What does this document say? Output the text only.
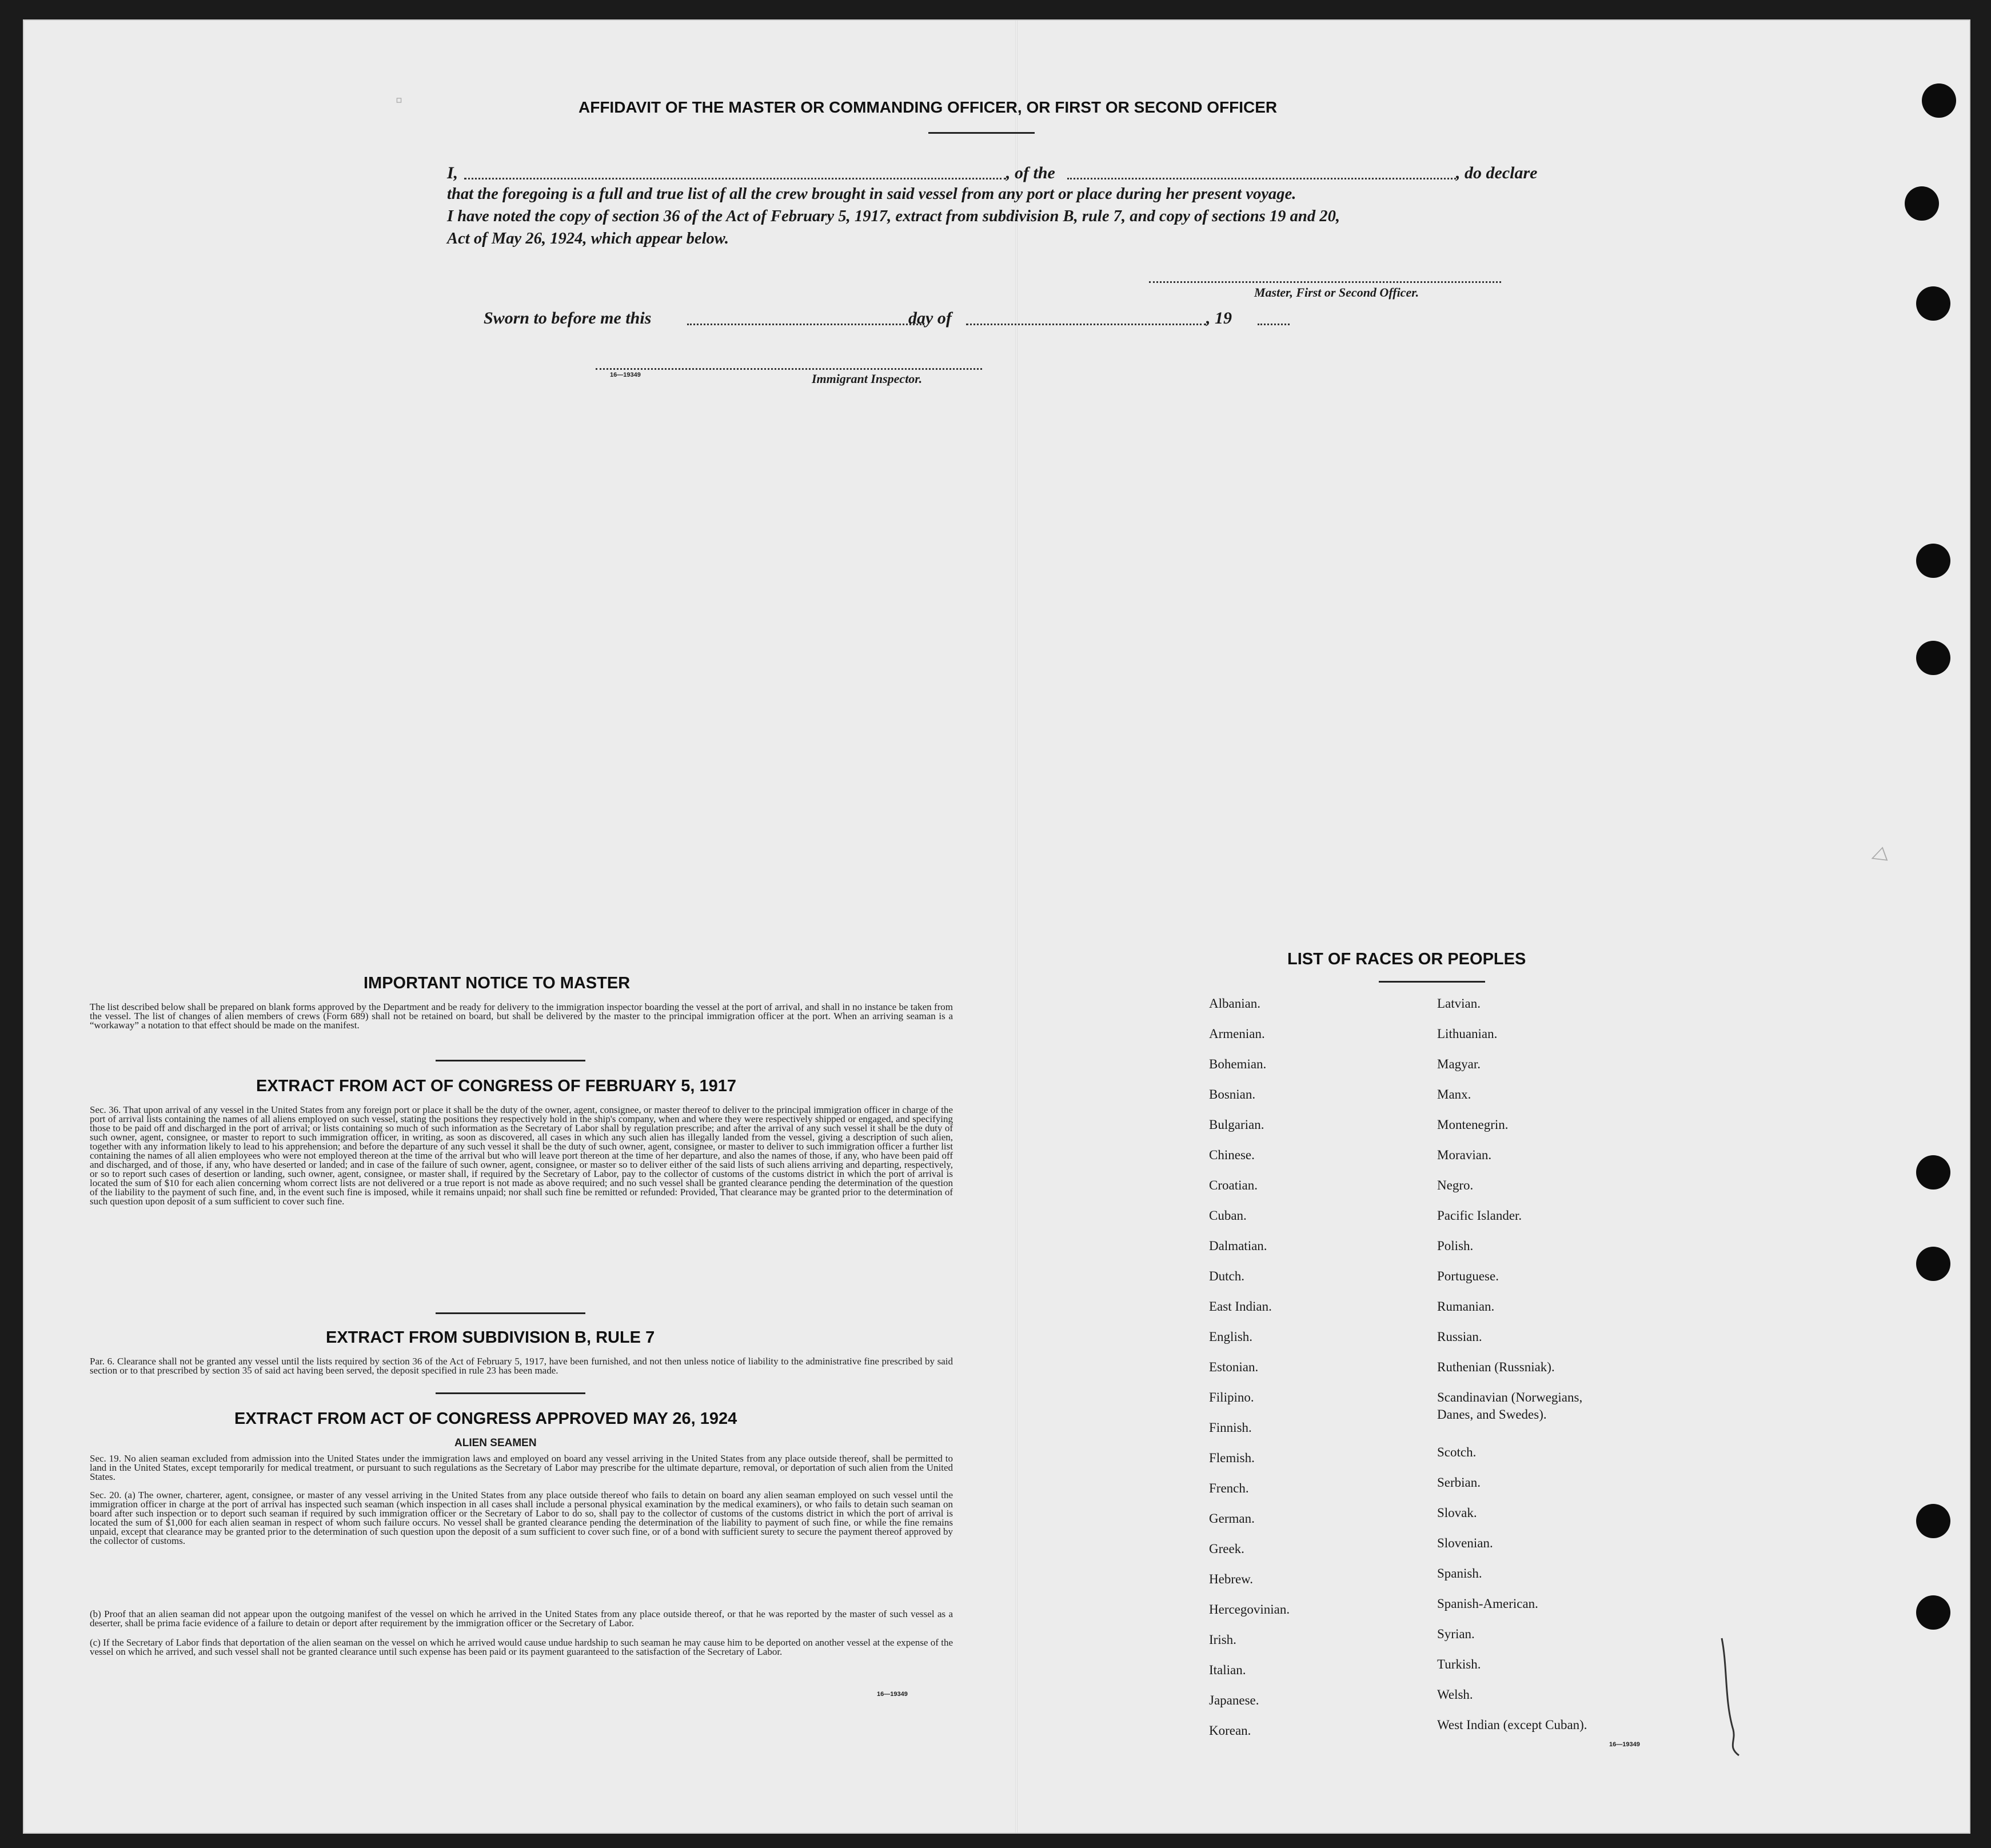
▫
◁
AFFIDAVIT OF THE MASTER OR COMMANDING OFFICER, OR FIRST OR SECOND OFFICER
I,	, of the	, do declare
that the foregoing is a full and true list of all the crew brought in said vessel from any port or place during her present voyage.
I have noted the copy of section 36 of the Act of February 5, 1917, extract from subdivision B, rule 7, and copy of sections 19 and 20,
Act of May 26, 1924, which appear below.
Master, First or Second Officer.
Sworn to before me this	day of	, 19
16—19349	Immigrant Inspector.
IMPORTANT NOTICE TO MASTER
The list described below shall be prepared on blank forms approved by the Department and be ready for delivery to the immigration inspector boarding the vessel at the port of arrival, and shall in no instance be taken from the vessel. The list of changes of alien members of crews (Form 689) shall not be retained on board, but shall be delivered by the master to the principal immigration officer at the port. When an arriving seaman is a “workaway” a notation to that effect should be made on the manifest.
EXTRACT FROM ACT OF CONGRESS OF FEBRUARY 5, 1917
Sec. 36. That upon arrival of any vessel in the United States from any foreign port or place it shall be the duty of the owner, agent, consignee, or master thereof to deliver to the principal immigration officer in charge of the port of arrival lists containing the names of all aliens employed on such vessel, stating the positions they respectively hold in the ship's company, when and where they were respectively shipped or engaged, and specifying those to be paid off and discharged in the port of arrival; or lists containing so much of such information as the Secretary of Labor shall by regulation prescribe; and after the arrival of any such vessel it shall be the duty of such owner, agent, consignee, or master to report to such immigration officer, in writing, as soon as discovered, all cases in which any such alien has illegally landed from the vessel, giving a description of such alien, together with any information likely to lead to his apprehension; and before the departure of any such vessel it shall be the duty of such owner, agent, consignee, or master to deliver to such immigration officer a further list containing the names of all alien employees who were not employed thereon at the time of the arrival but who will leave port thereon at the time of her departure, and also the names of those, if any, who have been paid off and discharged, and of those, if any, who have deserted or landed; and in case of the failure of such owner, agent, consignee, or master so to deliver either of the said lists of such aliens arriving and departing, respectively, or so to report such cases of desertion or landing, such owner, agent, consignee, or master shall, if required by the Secretary of Labor, pay to the collector of customs of the customs district in which the port of arrival is located the sum of $10 for each alien concerning whom correct lists are not delivered or a true report is not made as above required; and no such vessel shall be granted clearance pending the determination of the question of the liability to the payment of such fine, and, in the event such fine is imposed, while it remains unpaid; nor shall such fine be remitted or refunded: Provided, That clearance may be granted prior to the determination of such question upon deposit of a sum sufficient to cover such fine.
EXTRACT FROM SUBDIVISION B, RULE 7
Par. 6. Clearance shall not be granted any vessel until the lists required by section 36 of the Act of February 5, 1917, have been furnished, and not then unless notice of liability to the administrative fine prescribed by said section or to that prescribed by section 35 of said act having been served, the deposit specified in rule 23 has been made.
EXTRACT FROM ACT OF CONGRESS APPROVED MAY 26, 1924
ALIEN SEAMEN
Sec. 19. No alien seaman excluded from admission into the United States under the immigration laws and employed on board any vessel arriving in the United States from any place outside thereof, shall be permitted to land in the United States, except temporarily for medical treatment, or pursuant to such regulations as the Secretary of Labor may prescribe for the ultimate departure, removal, or deportation of such alien from the United States.
Sec. 20. (a) The owner, charterer, agent, consignee, or master of any vessel arriving in the United States from any place outside thereof who fails to detain on board any alien seaman employed on such vessel until the immigration officer in charge at the port of arrival has inspected such seaman (which inspection in all cases shall include a personal physical examination by the medical examiners), or who fails to detain such seaman on board after such inspection or to deport such seaman if required by such immigration officer or the Secretary of Labor to do so, shall pay to the collector of customs of the customs district in which the port of arrival is located the sum of $1,000 for each alien seaman in respect of whom such failure occurs. No vessel shall be granted clearance pending the determination of the liability to payment of such fine, or while the fine remains unpaid, except that clearance may be granted prior to the determination of such question upon the deposit of a sum sufficient to cover such fine, or of a bond with sufficient surety to secure the payment thereof approved by the collector of customs.
(b) Proof that an alien seaman did not appear upon the outgoing manifest of the vessel on which he arrived in the United States from any place outside thereof, or that he was reported by the master of such vessel as a deserter, shall be prima facie evidence of a failure to detain or deport after requirement by the immigration officer or the Secretary of Labor.
(c) If the Secretary of Labor finds that deportation of the alien seaman on the vessel on which he arrived would cause undue hardship to such seaman he may cause him to be deported on another vessel at the expense of the vessel on which he arrived, and such vessel shall not be granted clearance until such expense has been paid or its payment guaranteed to the satisfaction of the Secretary of Labor.
16—19349
LIST OF RACES OR PEOPLES
Albanian.
Armenian.
Bohemian.
Bosnian.
Bulgarian.
Chinese.
Croatian.
Cuban.
Dalmatian.
Dutch.
East Indian.
English.
Estonian.
Filipino.
Finnish.
Flemish.
French.
German.
Greek.
Hebrew.
Hercegovinian.
Irish.
Italian.
Japanese.
Korean.
Latvian.
Lithuanian.
Magyar.
Manx.
Montenegrin.
Moravian.
Negro.
Pacific Islander.
Polish.
Portuguese.
Rumanian.
Russian.
Ruthenian (Russniak).
Scandinavian (Norwegians,
Danes, and Swedes).
Scotch.
Serbian.
Slovak.
Slovenian.
Spanish.
Spanish-American.
Syrian.
Turkish.
Welsh.
West Indian (except Cuban).
16—19349
